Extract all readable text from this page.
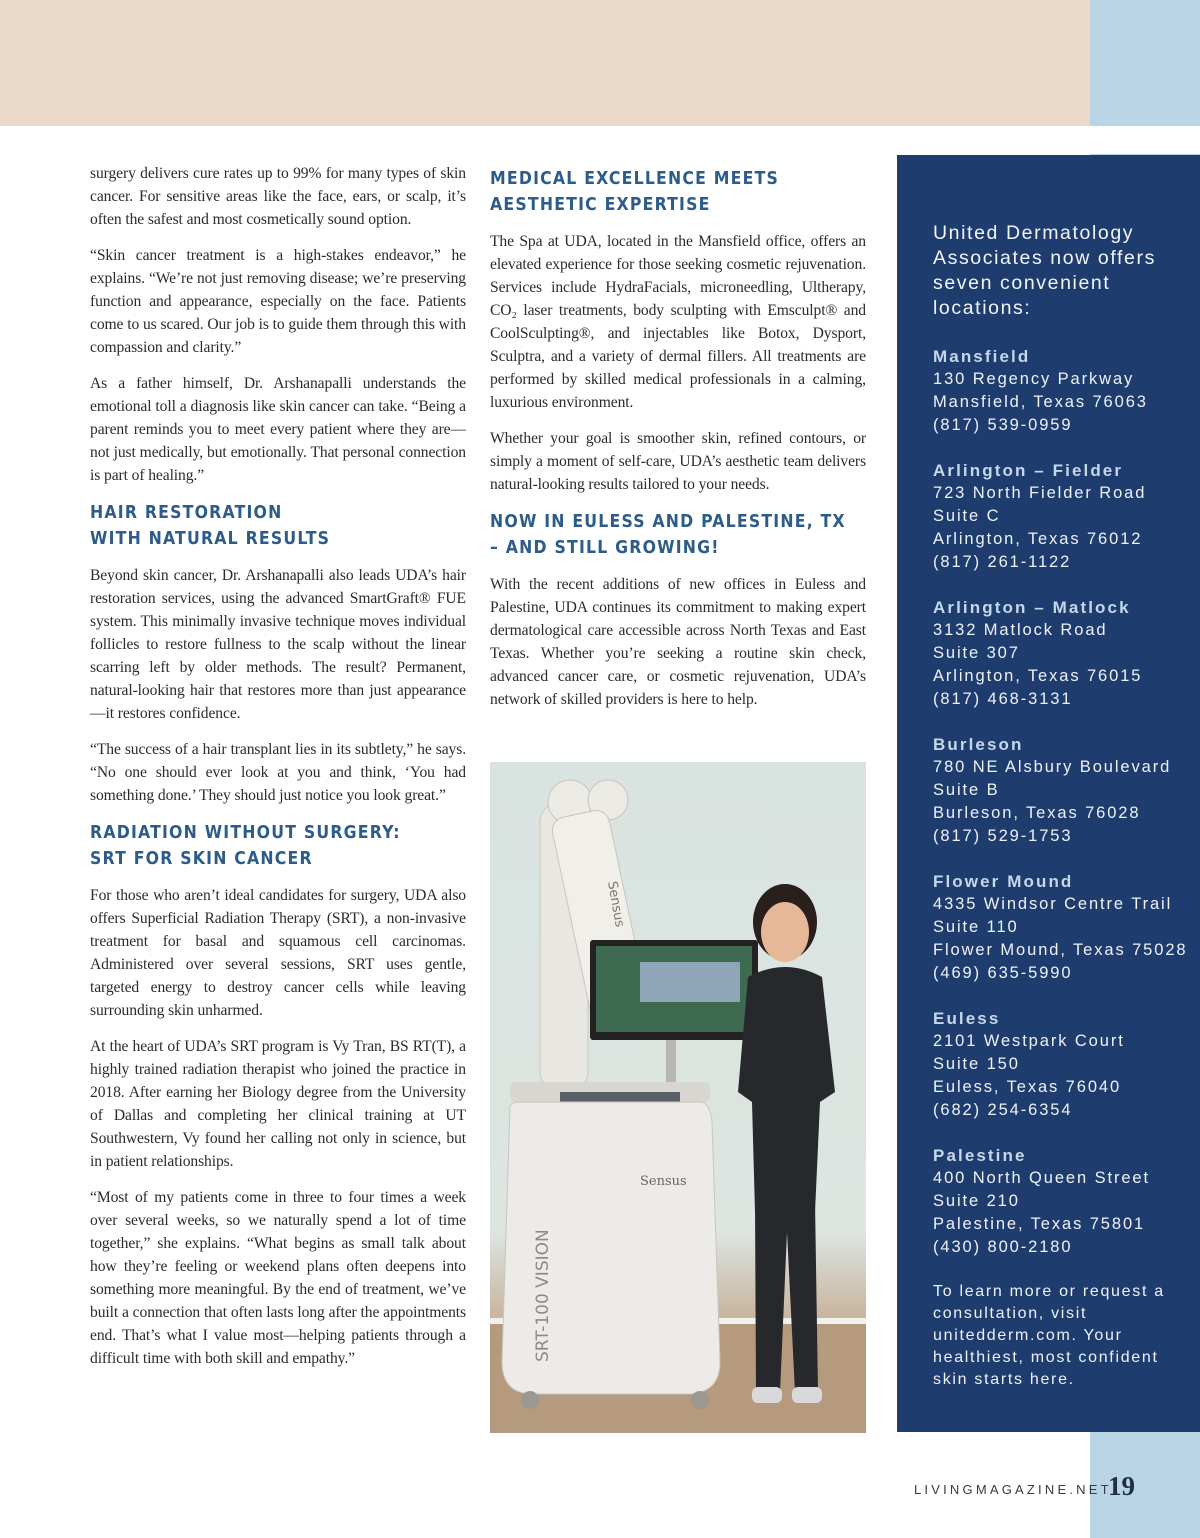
surgery delivers cure rates up to 99% for many types of skin cancer. For sensitive areas like the face, ears, or scalp, it’s often the safest and most cosmetically sound option.

“Skin cancer treatment is a high-stakes endeavor,” he explains. “We’re not just removing disease; we’re preserving function and appearance, especially on the face. Patients come to us scared. Our job is to guide them through this with compassion and clarity.”

As a father himself, Dr. Arshanapalli understands the emotional toll a diagnosis like skin cancer can take. “Being a parent reminds you to meet every patient where they are—not just medically, but emotionally. That personal connection is part of healing.”

HAIR RESTORATION
WITH NATURAL RESULTS

Beyond skin cancer, Dr. Arshanapalli also leads UDA’s hair restoration services, using the advanced SmartGraft® FUE system. This minimally invasive technique moves individual follicles to restore fullness to the scalp without the linear scarring left by older methods. The result? Permanent, natural-looking hair that restores more than just appearance—it restores confidence.

“The success of a hair transplant lies in its subtlety,” he says. “No one should ever look at you and think, ‘You had something done.’ They should just notice you look great.”

RADIATION WITHOUT SURGERY:
SRT FOR SKIN CANCER

For those who aren’t ideal candidates for surgery, UDA also offers Superficial Radiation Therapy (SRT), a non-invasive treatment for basal and squamous cell carcinomas. Administered over several sessions, SRT uses gentle, targeted energy to destroy cancer cells while leaving surrounding skin unharmed.

At the heart of UDA’s SRT program is Vy Tran, BS RT(T), a highly trained radiation therapist who joined the practice in 2018. After earning her Biology degree from the University of Dallas and completing her clinical training at UT Southwestern, Vy found her calling not only in science, but in patient relationships.

“Most of my patients come in three to four times a week over several weeks, so we naturally spend a lot of time together,” she explains. “What begins as small talk about how they’re feeling or weekend plans often deepens into something more meaningful. By the end of treatment, we’ve built a connection that often lasts long after the appointments end. That’s what I value most—helping patients through a difficult time with both skill and empathy.”

MEDICAL EXCELLENCE MEETS
AESTHETIC EXPERTISE

The Spa at UDA, located in the Mansfield office, offers an elevated experience for those seeking cosmetic rejuvenation. Services include HydraFacials, microneedling, Ultherapy, CO₂ laser treatments, body sculpting with Emsculpt® and CoolSculpting®, and injectables like Botox, Dysport, Sculptra, and a variety of dermal fillers. All treatments are performed by skilled medical professionals in a calming, luxurious environment.

Whether your goal is smoother skin, refined contours, or simply a moment of self-care, UDA’s aesthetic team delivers natural-looking results tailored to your needs.

NOW IN EULESS AND PALESTINE, TX
– AND STILL GROWING!

With the recent additions of new offices in Euless and Palestine, UDA continues its commitment to making expert dermatological care accessible across North Texas and East Texas. Whether you’re seeking a routine skin check, advanced cancer care, or cosmetic rejuvenation, UDA’s network of skilled providers is here to help.

Sensus
Sensus
SRT-100 VISION
United Dermatology Associates now offers seven convenient locations:
Mansfield
130 Regency Parkway
Mansfield, Texas 76063
(817) 539-0959
Arlington – Fielder
723 North Fielder Road
Suite C
Arlington, Texas 76012
(817) 261-1122
Arlington – Matlock
3132 Matlock Road
Suite 307
Arlington, Texas 76015
(817) 468-3131
Burleson
780 NE Alsbury Boulevard
Suite B
Burleson, Texas 76028
(817) 529-1753
Flower Mound
4335 Windsor Centre Trail
Suite 110
Flower Mound, Texas 75028
(469) 635-5990
Euless
2101 Westpark Court
Suite 150
Euless, Texas 76040
(682) 254-6354
Palestine
400 North Queen Street
Suite 210
Palestine, Texas 75801
(430) 800-2180
To learn more or request a consultation, visit unitedderm.com. Your healthiest, most confident skin starts here.
LIVINGMAGAZINE.NET
19
